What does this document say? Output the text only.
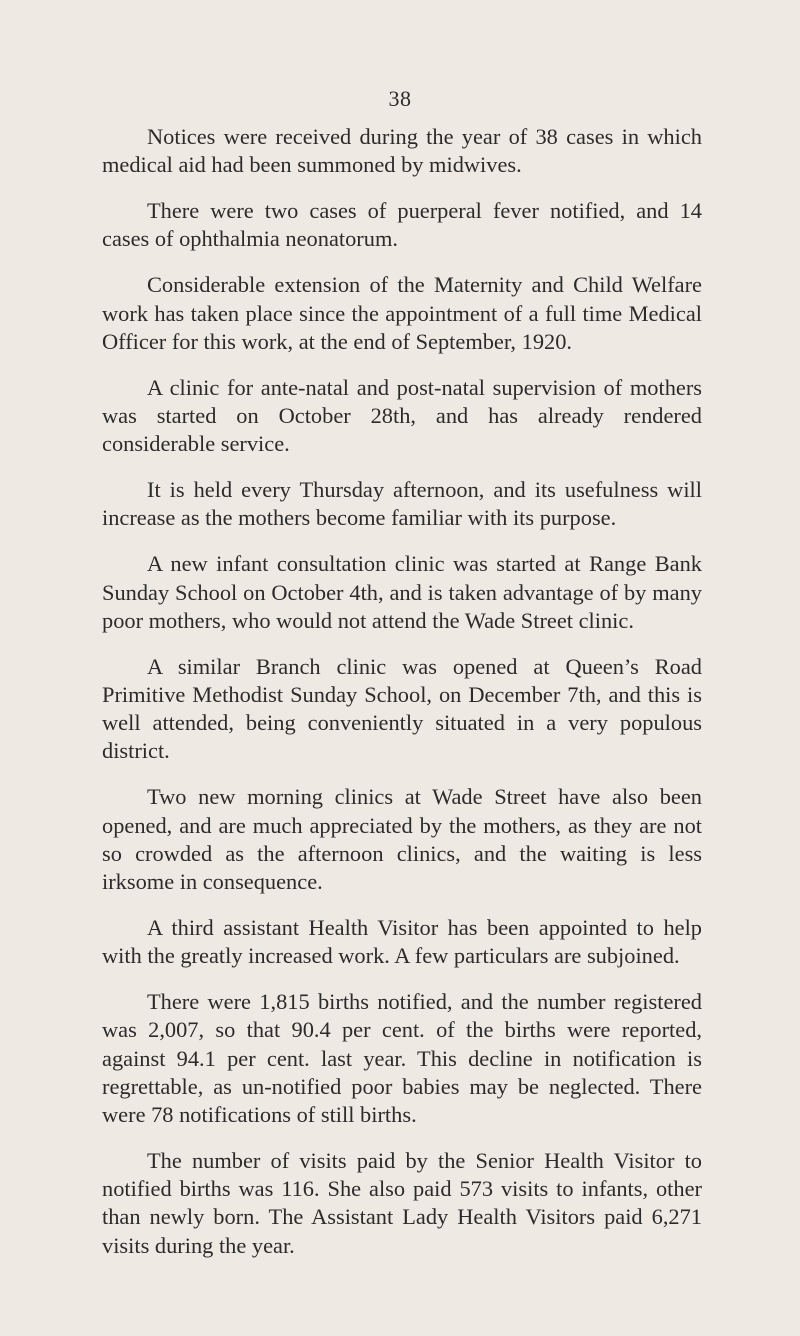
38

Notices were received during the year of 38 cases in which medical aid had been summoned by midwives.

There were two cases of puerperal fever notified, and 14 cases of ophthalmia neonatorum.

Considerable extension of the Maternity and Child Welfare work has taken place since the appointment of a full time Medical Officer for this work, at the end of September, 1920.

A clinic for ante-natal and post-natal supervision of mothers was started on October 28th, and has already rendered considerable service.

It is held every Thursday afternoon, and its usefulness will increase as the mothers become familiar with its purpose.

A new infant consultation clinic was started at Range Bank Sunday School on October 4th, and is taken advantage of by many poor mothers, who would not attend the Wade Street clinic.

A similar Branch clinic was opened at Queen’s Road Primitive Methodist Sunday School, on December 7th, and this is well attended, being conveniently situated in a very populous district.

Two new morning clinics at Wade Street have also been opened, and are much appreciated by the mothers, as they are not so crowded as the afternoon clinics, and the waiting is less irksome in consequence.

A third assistant Health Visitor has been appointed to help with the greatly increased work. A few particulars are subjoined.

There were 1,815 births notified, and the number registered was 2,007, so that 90.4 per cent. of the births were reported, against 94.1 per cent. last year. This decline in notification is regrettable, as un-notified poor babies may be neglected. There were 78 notifications of still births.

The number of visits paid by the Senior Health Visitor to notified births was 116. She also paid 573 visits to infants, other than newly born. The Assistant Lady Health Visitors paid 6,271 visits during the year.
